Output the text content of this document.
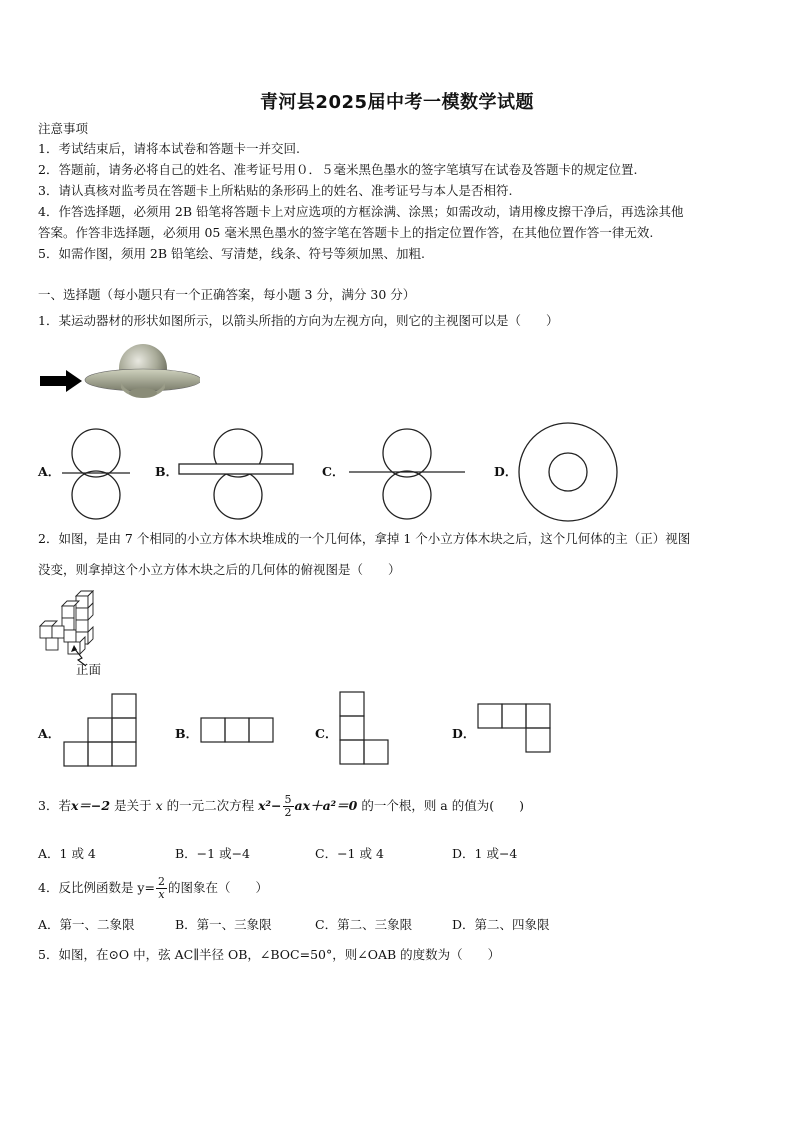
青河县2025届中考一模数学试题
注意事项
1．考试结束后，请将本试卷和答题卡一并交回.
2．答题前，请务必将自己的姓名、准考证号用０．５毫米黑色墨水的签字笔填写在试卷及答题卡的规定位置.
3．请认真核对监考员在答题卡上所粘贴的条形码上的姓名、准考证号与本人是否相符.
4．作答选择题，必须用 2B 铅笔将答题卡上对应选项的方框涂满、涂黑；如需改动，请用橡皮擦干净后，再选涂其他
答案。作答非选择题，必须用 05 毫米黑色墨水的签字笔在答题卡上的指定位置作答，在其他位置作答一律无效.
5．如需作图，须用 2B 铅笔绘、写清楚，线条、符号等须加黑、加粗.
一、选择题（每小题只有一个正确答案，每小题 3 分，满分 30 分）
1．某运动器材的形状如图所示，以箭头所指的方向为左视方向，则它的主视图可以是（　　）
A．	B．	C．	D．
2．如图，是由 7 个相同的小立方体木块堆成的一个几何体，拿掉 1 个小立方体木块之后，这个几何体的主（正）视图
没变，则拿掉这个小立方体木块之后的几何体的俯视图是（　　）
正面
A．	B．	C．	D．
3．若x＝−2 是关于 x 的一元二次方程 $x^2- \frac{5}{2} ax+a^2=0$ 的一个根，则 a 的值为(　　)
A．1 或 4	B．−1 或−4	C．−1 或 4	D．1 或−4
4．反比例函数是 $y= \frac{2}{x}$的图象在（　　）
A．第一、二象限	B．第一、三象限	C．第二、三象限	D．第二、四象限
5．如图，在⊙O 中，弦 AC∥半径 OB，∠BOC=50°，则∠OAB 的度数为（　　）
